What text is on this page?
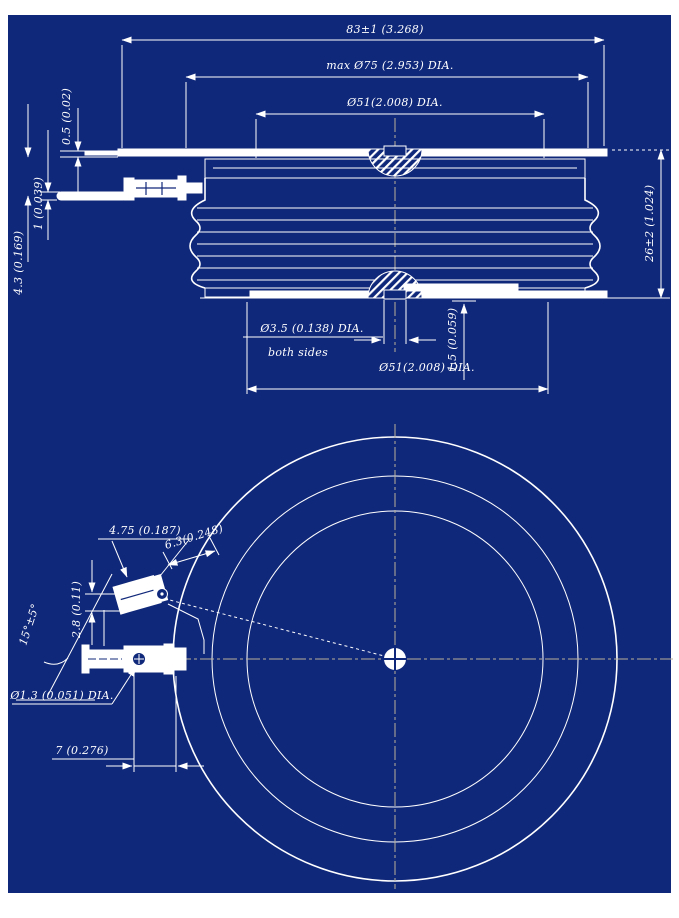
83±1 (3.268)
max Ø75 (2.953) DIA.
Ø51(2.008) DIA.
0.5 (0.02)
1 (0.039)
4.3 (0.169)
26±2 (1.024)
Ø3.5 (0.138) DIA.
both sides	1.5 (0.059)
Ø51(2.008) DIA.
4.75 (0.187)
6.3(0.248)
15°±5°	2.8 (0.11)
Ø1.3 (0.051) DIA.
7 (0.276)
